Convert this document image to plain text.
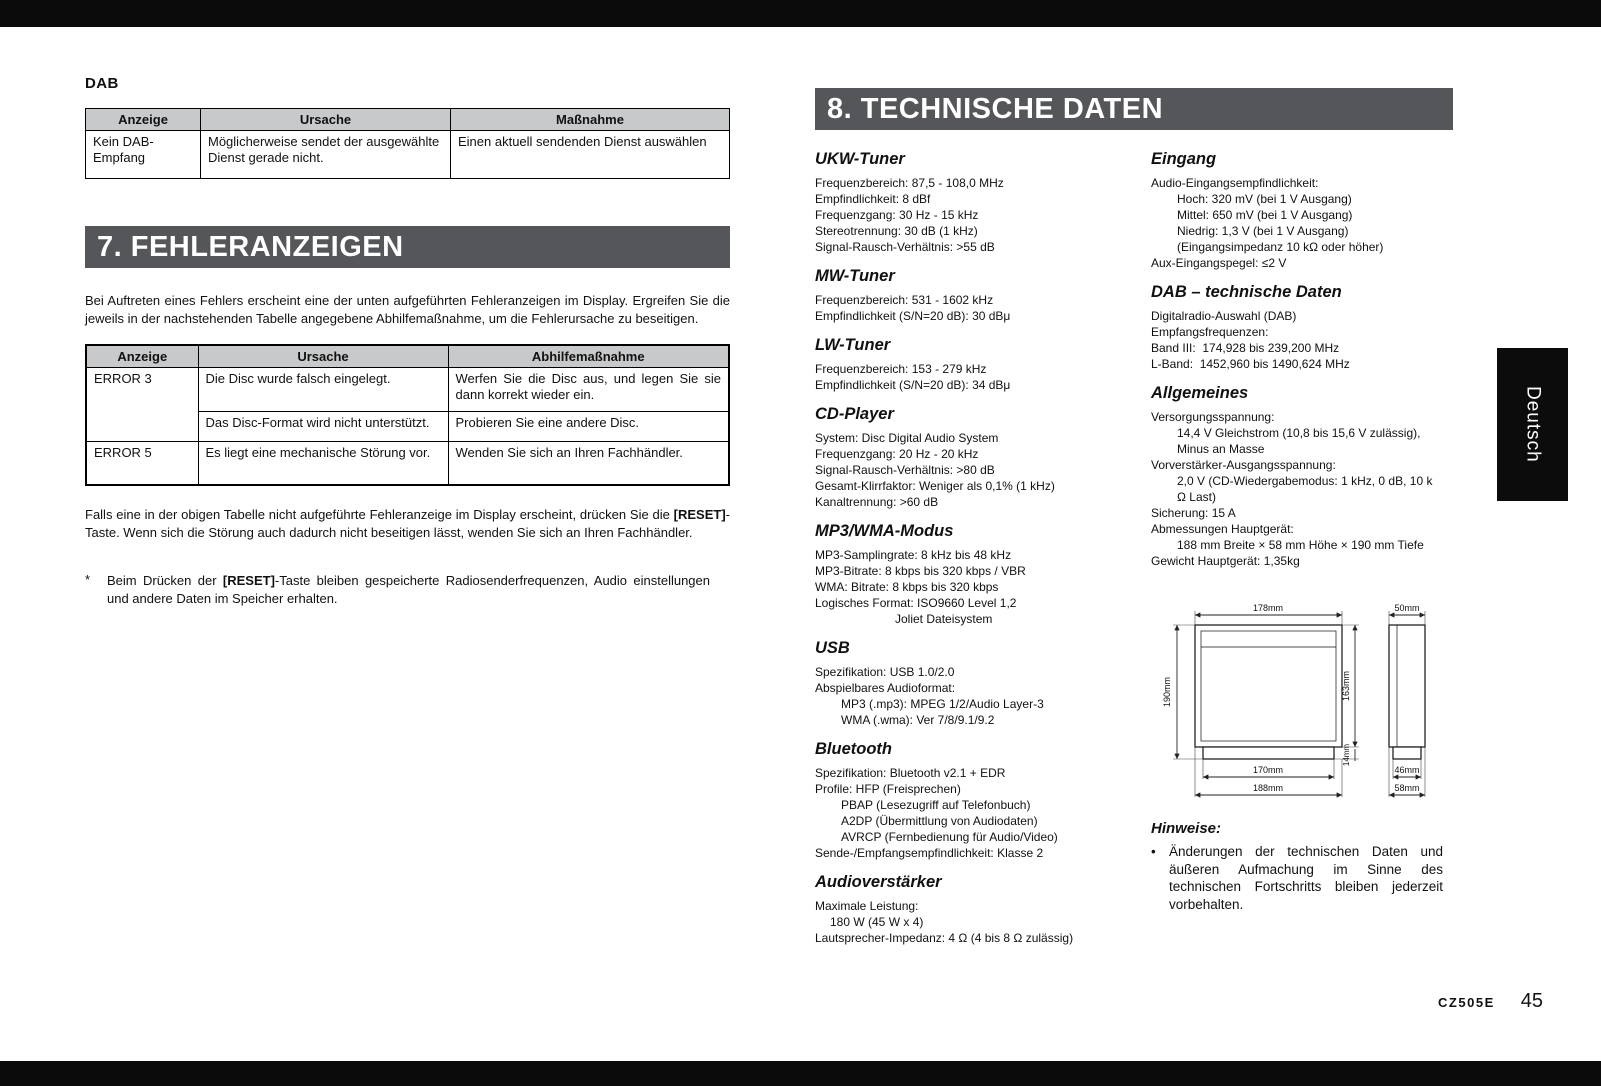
DAB
Anzeige	Ursache	Maßnahme
Kein DAB-Empfang	Möglicherweise sendet der ausgewählte Dienst gerade nicht.	Einen aktuell sendenden Dienst auswählen
7. FEHLERANZEIGEN

Bei Auftreten eines Fehlers erscheint eine der unten aufgeführten Fehleranzeigen im Display. Ergreifen Sie die jeweils in der nachstehenden Tabelle angegebene Abhilfemaßnahme, um die Fehlerursache zu beseitigen.

Anzeige	Ursache	Abhilfemaßnahme
ERROR 3	Die Disc wurde falsch eingelegt.	Werfen Sie die Disc aus, und legen Sie sie dann korrekt wieder ein.
	Das Disc-Format wird nicht unterstützt.	Probieren Sie eine andere Disc.
ERROR 5	Es liegt eine mechanische Störung vor.	Wenden Sie sich an Ihren Fachhändler.

Falls eine in der obigen Tabelle nicht aufgeführte Fehleranzeige im Display erscheint, drücken Sie die [RESET]-Taste. Wenn sich die Störung auch dadurch nicht beseitigen lässt, wenden Sie sich an Ihren Fachhändler.

*	Beim Drücken der [RESET]-Taste bleiben gespeicherte Radiosenderfrequenzen, Audio einstellungen und andere Daten im Speicher erhalten.
8. TECHNISCHE DATEN
UKW-Tuner
Frequenzbereich: 87,5 - 108,0 MHz
Empfindlichkeit: 8 dBf
Frequenzgang: 30 Hz - 15 kHz
Stereotrennung: 30 dB (1 kHz)
Signal-Rausch-Verhältnis: >55 dB
MW-Tuner
Frequenzbereich: 531 - 1602 kHz
Empfindlichkeit (S/N=20 dB): 30 dBμ
LW-Tuner
Frequenzbereich: 153 - 279 kHz
Empfindlichkeit (S/N=20 dB): 34 dBμ
CD-Player
System: Disc Digital Audio System
Frequenzgang: 20 Hz - 20 kHz
Signal-Rausch-Verhältnis: >80 dB
Gesamt-Klirrfaktor: Weniger als 0,1% (1 kHz)
Kanaltrennung: >60 dB
MP3/WMA-Modus
MP3-Samplingrate: 8 kHz bis 48 kHz
MP3-Bitrate: 8 kbps bis 320 kbps / VBR
WMA: Bitrate: 8 kbps bis 320 kbps
Logisches Format: ISO9660 Level 1,2
Joliet Dateisystem
USB
Spezifikation: USB 1.0/2.0
Abspielbares Audioformat:
MP3 (.mp3): MPEG 1/2/Audio Layer-3
WMA (.wma): Ver 7/8/9.1/9.2
Bluetooth
Spezifikation: Bluetooth v2.1 + EDR
Profile: HFP (Freisprechen)
PBAP (Lesezugriff auf Telefonbuch)
A2DP (Übermittlung von Audiodaten)
AVRCP (Fernbedienung für Audio/Video)
Sende-/Empfangsempfindlichkeit: Klasse 2
Audioverstärker
Maximale Leistung:
180 W (45 W x 4)
Lautsprecher-Impedanz: 4 Ω (4 bis 8 Ω zulässig)
Eingang
Audio-Eingangsempfindlichkeit:
Hoch: 320 mV (bei 1 V Ausgang)
Mittel: 650 mV (bei 1 V Ausgang)
Niedrig: 1,3 V (bei 1 V Ausgang)
(Eingangsimpedanz 10 kΩ oder höher)
Aux-Eingangspegel: ≤2 V
DAB – technische Daten
Digitalradio-Auswahl (DAB)
Empfangsfrequenzen:
Band III:  174,928 bis 239,200 MHz
L-Band:  1452,960 bis 1490,624 MHz
Allgemeines
Versorgungsspannung:
14,4 V Gleichstrom (10,8 bis 15,6 V zulässig),
Minus an Masse
Vorverstärker-Ausgangsspannung:
2,0 V (CD-Wiedergabemodus: 1 kHz, 0 dB, 10 k
Ω Last)
Sicherung: 15 A
Abmessungen Hauptgerät:
188 mm Breite × 58 mm Höhe × 190 mm Tiefe
Gewicht Hauptgerät: 1,35kg
178mm	50mm
190mm	163mm
14mm
170mm
188mm
46mm
58mm
Hinweise:
• Änderungen der technischen Daten und äußeren Aufmachung im Sinne des technischen Fortschritts bleiben jederzeit vorbehalten.
Deutsch
CZ505E 45
